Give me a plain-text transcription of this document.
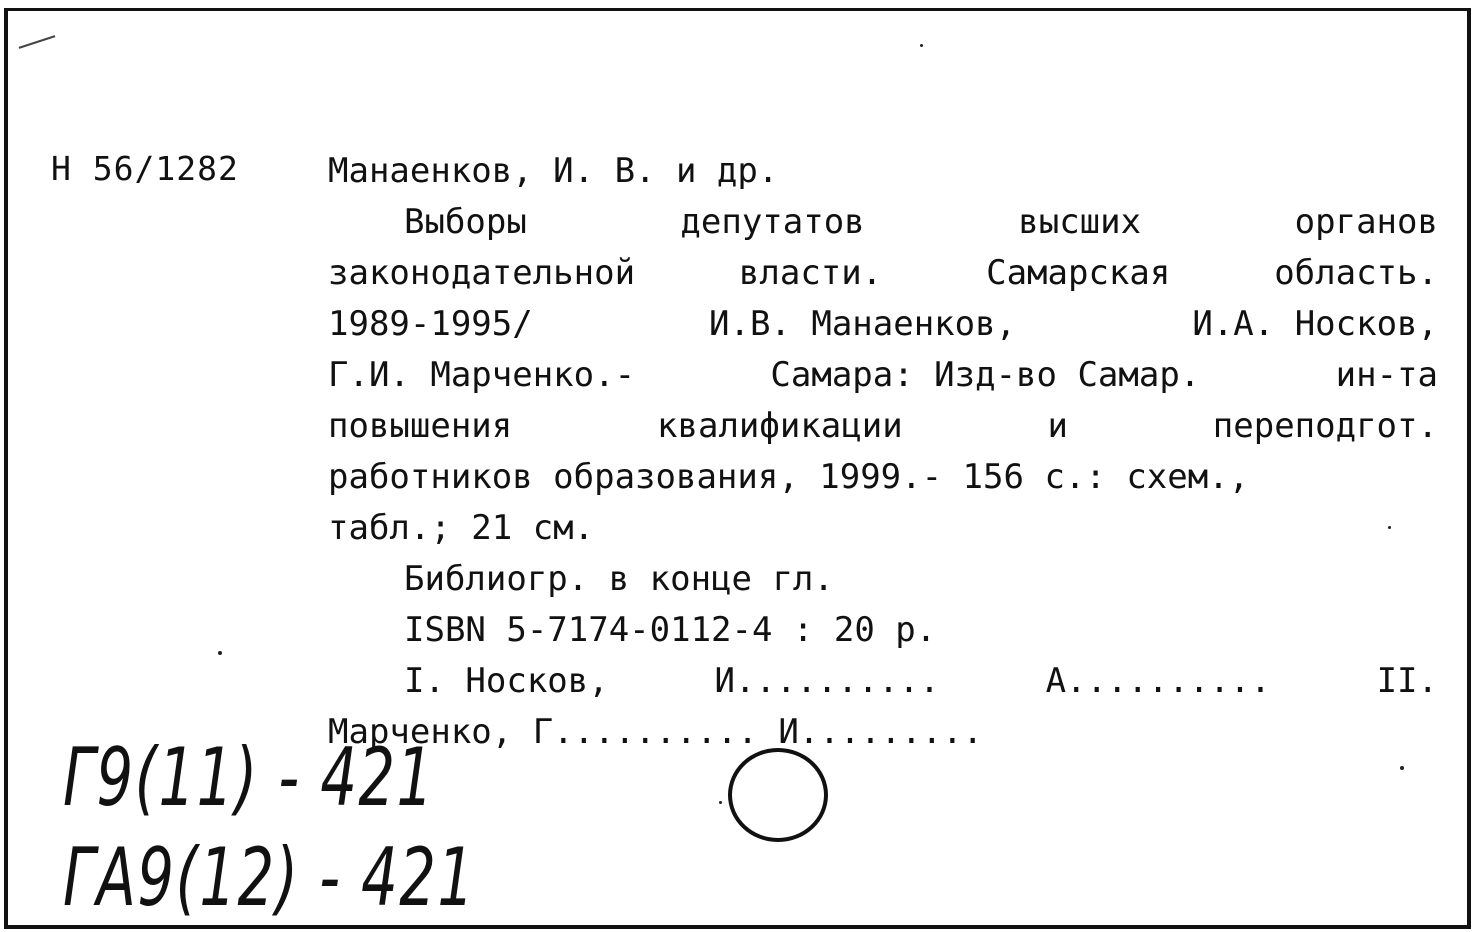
Н 56/1282	Манаенков, И. В. и др.
Выборы	депутатов	высших	органов
законодательной	власти.	Самарская	область.
1989-1995/	И.В. Манаенков,	И.А. Носков,
Г.И. Марченко.-	Самара: Изд-во Самар.	ин-та
повышения	квалификации	и	переподгот.
работников образования, 1999.- 156 с.: схем.,
табл.; 21 см.
Библиогр. в конце гл.
ISBN 5-7174-0112-4 : 20 р.
I. Носков,	И..........	А..........	II.
Марченко, Г.......... И.........
Г9(11) - 421
ГА9(12) - 421
